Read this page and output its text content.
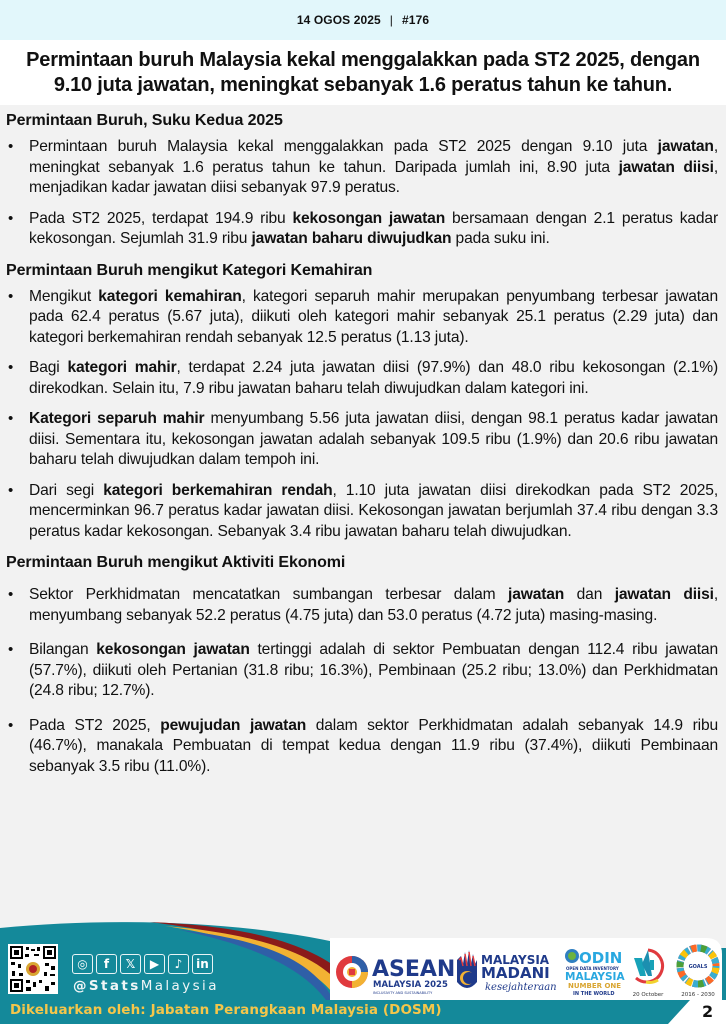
14 OGOS 2025 | #176
Permintaan buruh Malaysia kekal menggalakkan pada ST2 2025, dengan 9.10 juta jawatan, meningkat sebanyak 1.6 peratus tahun ke tahun.
Permintaan Buruh, Suku Kedua 2025
• Permintaan buruh Malaysia kekal menggalakkan pada ST2 2025 dengan 9.10 juta jawatan, meningkat sebanyak 1.6 peratus tahun ke tahun. Daripada jumlah ini, 8.90 juta jawatan diisi, menjadikan kadar jawatan diisi sebanyak 97.9 peratus.
• Pada ST2 2025, terdapat 194.9 ribu kekosongan jawatan bersamaan dengan 2.1 peratus kadar kekosongan. Sejumlah 31.9 ribu jawatan baharu diwujudkan pada suku ini.
Permintaan Buruh mengikut Kategori Kemahiran
• Mengikut kategori kemahiran, kategori separuh mahir merupakan penyumbang terbesar jawatan pada 62.4 peratus (5.67 juta), diikuti oleh kategori mahir sebanyak 25.1 peratus (2.29 juta) dan kategori berkemahiran rendah sebanyak 12.5 peratus (1.13 juta).
• Bagi kategori mahir, terdapat 2.24 juta jawatan diisi (97.9%) dan 48.0 ribu kekosongan (2.1%) direkodkan. Selain itu, 7.9 ribu jawatan baharu telah diwujudkan dalam kategori ini.
• Kategori separuh mahir menyumbang 5.56 juta jawatan diisi, dengan 98.1 peratus kadar jawatan diisi. Sementara itu, kekosongan jawatan adalah sebanyak 109.5 ribu (1.9%) dan 20.6 ribu jawatan baharu telah diwujudkan dalam tempoh ini.
• Dari segi kategori berkemahiran rendah, 1.10 juta jawatan diisi direkodkan pada ST2 2025, mencerminkan 96.7 peratus kadar jawatan diisi. Kekosongan jawatan berjumlah 37.4 ribu dengan 3.3 peratus kadar kekosongan. Sebanyak 3.4 ribu jawatan baharu telah diwujudkan.
Permintaan Buruh mengikut Aktiviti Ekonomi
• Sektor Perkhidmatan mencatatkan sumbangan terbesar dalam jawatan dan jawatan diisi, menyumbang sebanyak 52.2 peratus (4.75 juta) dan 53.0 peratus (4.72 juta) masing-masing.
• Bilangan kekosongan jawatan tertinggi adalah di sektor Pembuatan dengan 112.4 ribu jawatan (57.7%), diikuti oleh Pertanian (31.8 ribu; 16.3%), Pembinaan (25.2 ribu; 13.0%) dan Perkhidmatan (24.8 ribu; 12.7%).
• Pada ST2 2025, pewujudan jawatan dalam sektor Perkhidmatan adalah sebanyak 14.9 ribu (46.7%), manakala Pembuatan di tempat kedua dengan 11.9 ribu (37.4%), diikuti Pembinaan sebanyak 3.5 ribu (11.0%).
◎	f	𝕏	▶	♪	in
@StatsMalaysia
ASEAN
MALAYSIA 2025
INCLUSIVITY AND SUSTAINABILITY
MALAYSIA
MADANI
kesejahteraan
ODIN
OPEN DATA INVENTORY
MALAYSIA
NUMBER ONE
IN THE WORLD	20 October
GOALS
2016 - 2030
Dikeluarkan oleh: Jabatan Perangkaan Malaysia (DOSM)	2
